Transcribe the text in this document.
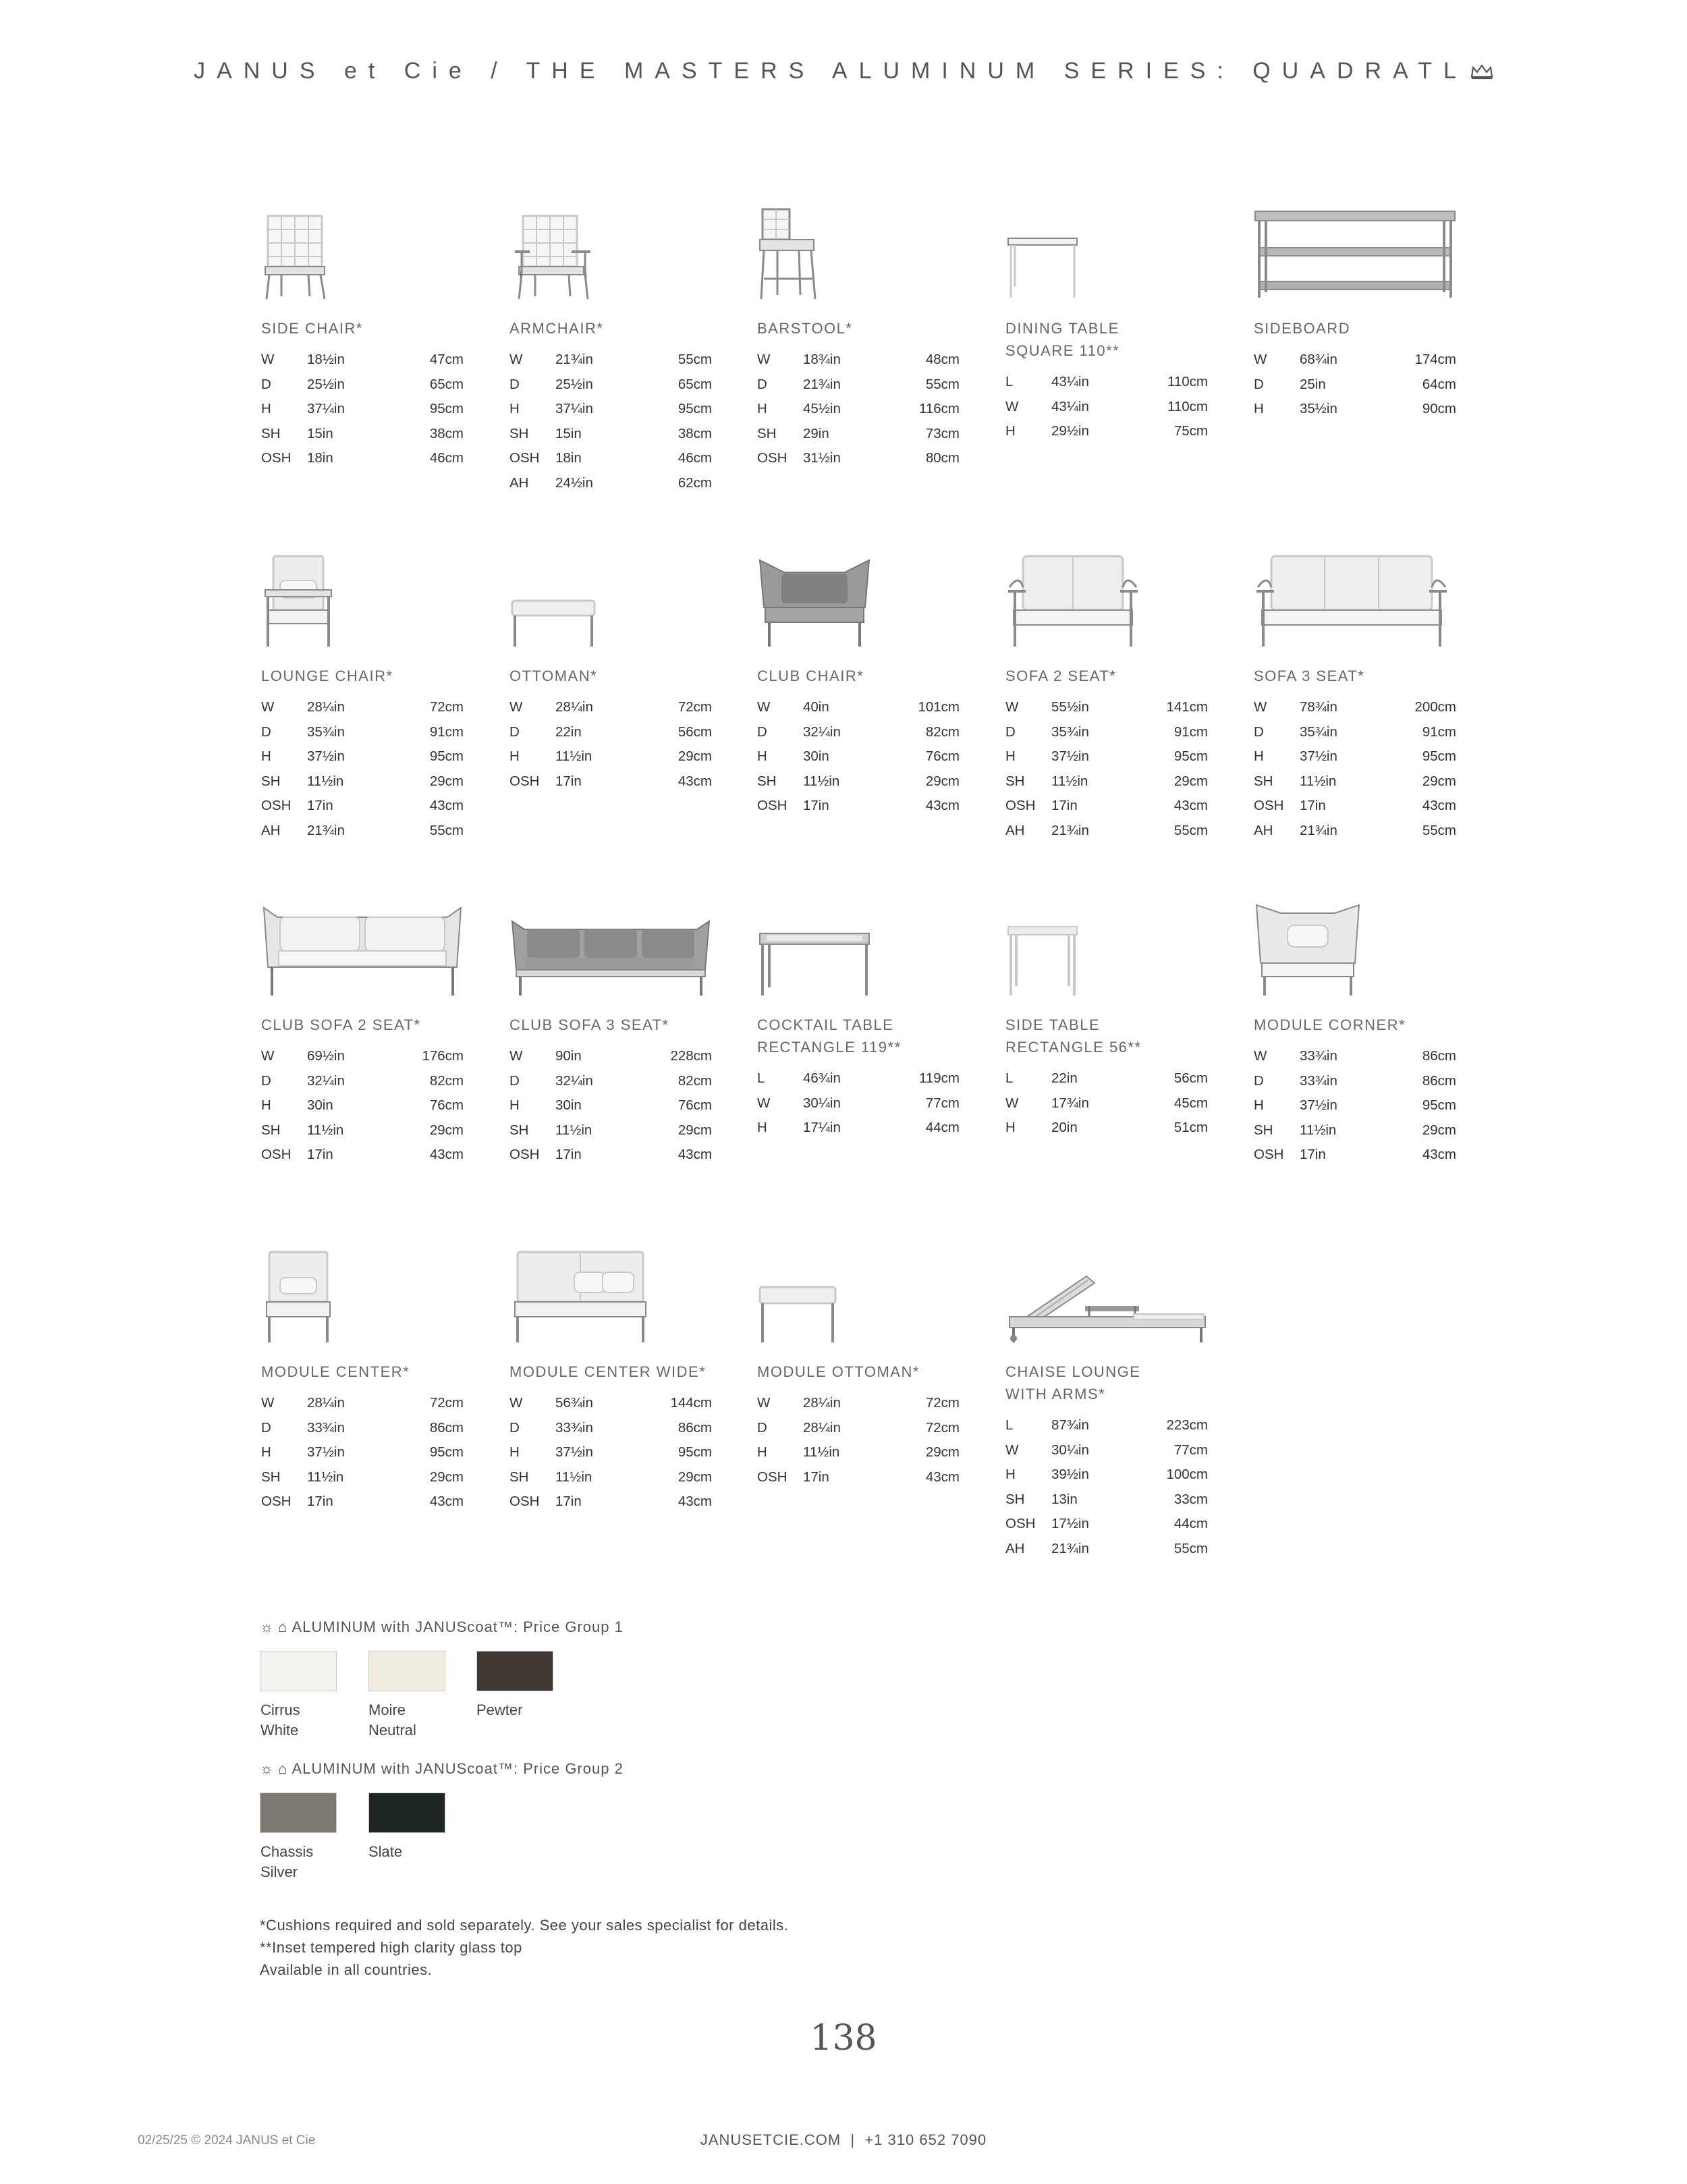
JANUS et Cie / THE MASTERS ALUMINUM SERIES: QUADRATL
SIDE CHAIR*
W 18½in	47cm
D	25½in	65cm
H	37¼in	95cm
SH 15in	38cm
OSH 18in	46cm
ARMCHAIR*
W 21¾in	55cm
D	25½in	65cm
H	37¼in	95cm
SH 15in	38cm
OSH 18in	46cm
AH 24½in	62cm
BARSTOOL*
W 18¾in	48cm
D	21¾in	55cm
H	45½in	116cm
SH 29in	73cm
OSH 31½in	80cm
DINING TABLE
SQUARE 110**
L	43¼in	110cm
W 43¼in	110cm
H	29½in	75cm
SIDEBOARD
W 68¾in	174cm
D	25in	64cm
H	35½in	90cm
LOUNGE CHAIR*
W 28¼in	72cm
D	35¾in	91cm
H	37½in	95cm
SH 11½in	29cm
OSH 17in	43cm
AH 21¾in	55cm
OTTOMAN*
W 28¼in	72cm
D	22in	56cm
H	11½in	29cm
OSH 17in	43cm
CLUB CHAIR*
W 40in	101cm
D	32¼in	82cm
H	30in	76cm
SH 11½in	29cm
OSH 17in	43cm
SOFA 2 SEAT*
W 55½in	141cm
D	35¾in	91cm
H	37½in	95cm
SH 11½in	29cm
OSH 17in	43cm
AH 21¾in	55cm
SOFA 3 SEAT*
W 78¾in	200cm
D	35¾in	91cm
H	37½in	95cm
SH 11½in	29cm
OSH 17in	43cm
AH 21¾in	55cm
CLUB SOFA 2 SEAT*
W 69½in	176cm
D	32¼in	82cm
H	30in	76cm
SH 11½in	29cm
OSH 17in	43cm
CLUB SOFA 3 SEAT*
W 90in	228cm
D	32¼in	82cm
H	30in	76cm
SH 11½in	29cm
OSH 17in	43cm
COCKTAIL TABLE
RECTANGLE 119**
L	46¾in	119cm
W 30¼in	77cm
H	17¼in	44cm
SIDE TABLE
RECTANGLE 56**
L	22in	56cm
W 17¾in	45cm
H	20in	51cm
MODULE CORNER*
W 33¾in	86cm
D	33¾in	86cm
H	37½in	95cm
SH 11½in	29cm
OSH 17in	43cm
MODULE CENTER*
W 28¼in	72cm
D	33¾in	86cm
H	37½in	95cm
SH 11½in	29cm
OSH 17in	43cm
MODULE CENTER WIDE*
W 56¾in	144cm
D	33¾in	86cm
H	37½in	95cm
SH 11½in	29cm
OSH 17in	43cm
MODULE OTTOMAN*
W 28¼in	72cm
D	28¼in	72cm
H	11½in	29cm
OSH 17in	43cm
CHAISE LOUNGE
WITH ARMS*
L	87¾in	223cm
W 30¼in	77cm
H	39½in	100cm
SH 13in	33cm
OSH 17½in	44cm
AH 21¾in	55cm
☼ ⌂ ALUMINUM with JANUScoat™: Price Group 1
Cirrus
White
Moire
Neutral
Pewter
☼ ⌂ ALUMINUM with JANUScoat™: Price Group 2
Chassis
Silver
Slate
*Cushions required and sold separately. See your sales specialist for details.
**Inset tempered high clarity glass top
Available in all countries.
138
02/25/25 © 2024 JANUS et Cie	JANUSETCIE.COM  |  +1 310 652 7090
